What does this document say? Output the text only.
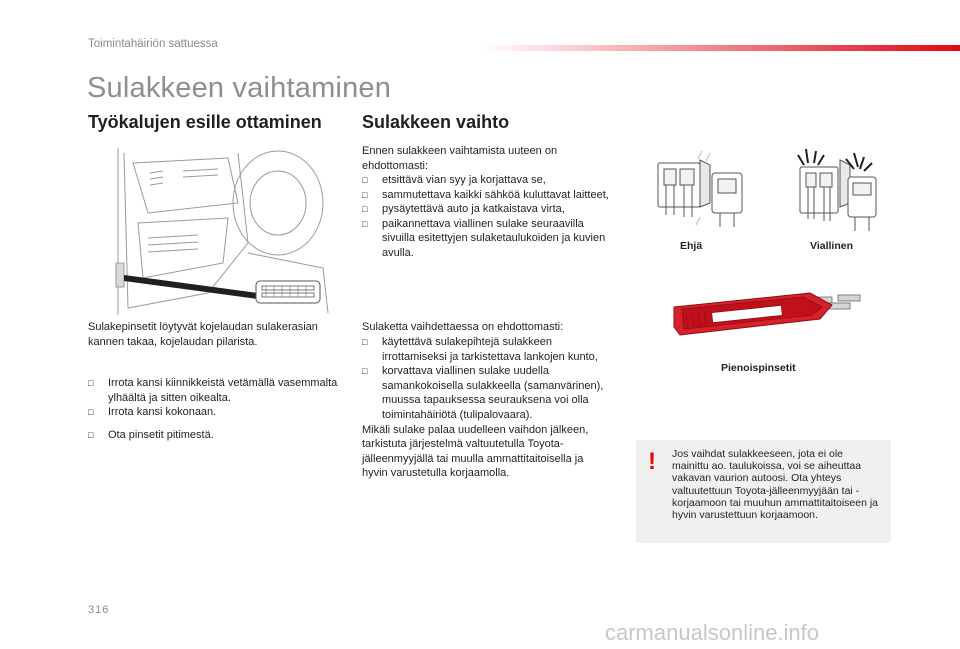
Toimintahäiriön sattuessa
Sulakkeen vaihtaminen
Työkalujen esille ottaminen
Sulakepinsetit löytyvät kojelaudan sulakerasian kannen takaa, kojelaudan pilarista.
□ Irrota kansi kiinnikkeistä vetämällä vasemmalta ylhäältä ja sitten oikealta.
□ Irrota kansi kokonaan.
□ Ota pinsetit pitimestä.
Sulakkeen vaihto
Ennen sulakkeen vaihtamista uuteen on ehdottomasti:
□ etsittävä vian syy ja korjattava se,
□ sammutettava kaikki sähköä kuluttavat laitteet,
□ pysäytettävä auto ja katkaistava virta,
□ paikannettava viallinen sulake seuraavilla sivuilla esitettyjen sulaketaulukoiden ja kuvien avulla.
Sulaketta vaihdettaessa on ehdottomasti:
□ käytettävä sulakepihtejä sulakkeen irrottamiseksi ja tarkistettava lankojen kunto,
□ korvattava viallinen sulake uudella samankokoisella sulakkeella (samanvärinen), muussa tapauksessa seurauksena voi olla toimintahäiriötä (tulipalovaara).
Mikäli sulake palaa uudelleen vaihdon jälkeen, tarkistuta järjestelmä valtuutetulla Toyota-jälleenmyyjällä tai muulla ammattitaitoisella ja hyvin varustetulla korjaamolla.
Ehjä	Viallinen
Pienoispinsetit
! Jos vaihdat sulakkeeseen, jota ei ole mainittu ao. taulukoissa, voi se aiheuttaa vakavan vaurion autoosi. Ota yhteys valtuutettuun Toyota-jälleenmyyjään tai -korjaamoon tai muuhun ammattitaitoiseen ja hyvin varustettuun korjaamoon.
316
carmanualsonline.info
